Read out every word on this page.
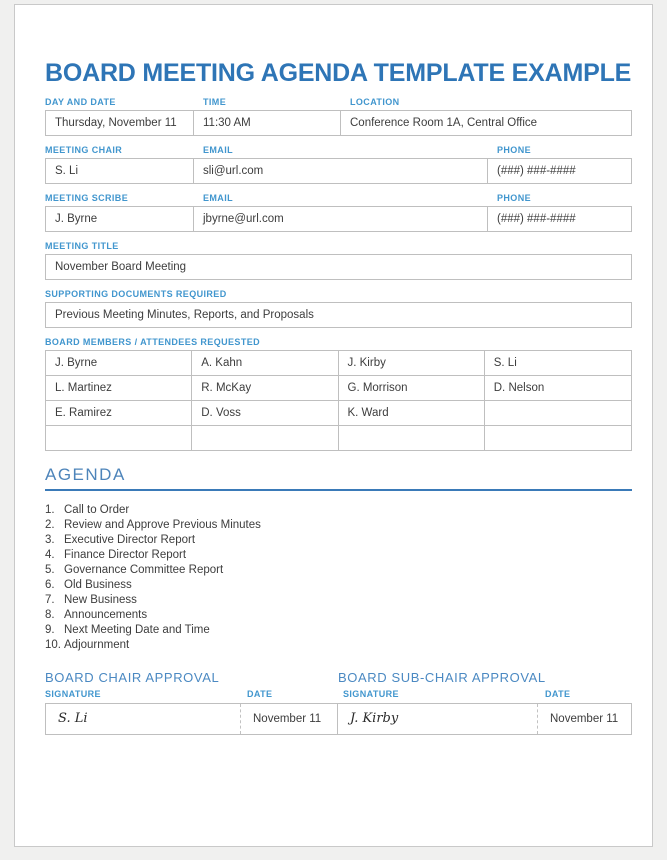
BOARD MEETING AGENDA TEMPLATE EXAMPLE
DAY AND DATE	TIME	LOCATION
Thursday, November 11	11:30 AM	Conference Room 1A, Central Office
MEETING CHAIR	EMAIL	PHONE
S. Li	sli@url.com	(###) ###-####
MEETING SCRIBE	EMAIL	PHONE
J. Byrne	jbyrne@url.com	(###) ###-####
MEETING TITLE
November Board Meeting
SUPPORTING DOCUMENTS REQUIRED
Previous Meeting Minutes, Reports, and Proposals
BOARD MEMBERS / ATTENDEES REQUESTED
J. Byrne	A. Kahn	J. Kirby	S. Li
L. Martinez	R. McKay	G. Morrison	D. Nelson
E. Ramirez	D. Voss	K. Ward
AGENDA
1. Call to Order
2. Review and Approve Previous Minutes
3. Executive Director Report
4. Finance Director Report
5. Governance Committee Report
6. Old Business
7. New Business
8. Announcements
9. Next Meeting Date and Time
10. Adjournment
BOARD CHAIR APPROVAL
SIGNATURE	DATE
S. Li	November 11
BOARD SUB-CHAIR APPROVAL
SIGNATURE	DATE
J. Kirby	November 11
